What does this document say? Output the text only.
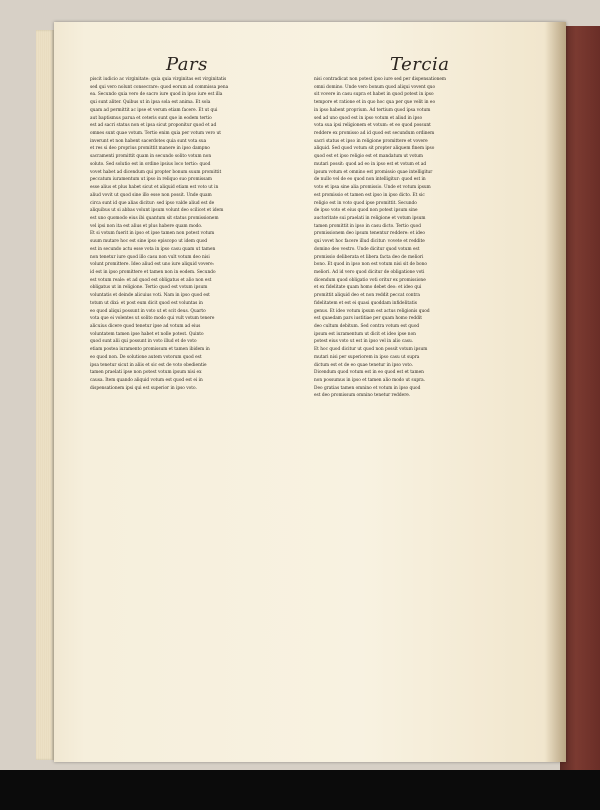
Pars	Tercia
piscit iudicio ac virginitate: quia quia virginitas est virginitatis
sed qui vero nolunt consecrare: quod eorum ad commissa pena
ea. Secundo quia vero de sacro iure quod in ipso iure est illa
qui sunt aliter. Quibus ut in ipsa sola est anima. Et sola
quam ad permittit ac ipse et verum etiam facere. Et ut qui
aut baptismus parua et ceteris sunt que in eodem tertio
est ad sacri status non et ipsa sicut proponitur quod et ad
omnes sunt quae votum. Tertio enim quia per votum vero ut
inverunt et non habent sacerdotes quia sunt vota sua
et res si deo proprius promittit manere in ipso dampno
sacramenti promittit quam in secundo solito votum non
soluto. Sed solutio est in ordine ipsius loco tertio: quod
vovet habet ad dicendum qui propter bonum suum promittit
peccatum iuramentum ut ipso in reliquo suo promissam
esse alius et plus habet sicut et aliquid etiam est voto ut in
aliud vovit ut quod sine illo esse non possit. Unde quam
circa sunt id que alias dicitur: sed ipso valde aliud est de
aliquibus ut si abbas volunt ipsum volunt deo scilicet et idem
est uno quomodo eius ibi quantum sit status promissionem
vel ipsi non ita est alius et plus habere quam modo.
Et si votum fuerit in ipso et ipse tamen non potest votum
suum mutare hoc est sine ipso episcopo ut idem quod
est in secundo actu esse vota in ipso casu quam ut tamen
non tenetur iure quod illo casu non vult votum deo nisi
volunt promittere. Ideo aliud est uno iure aliquid vovere:
id est in ipso promittere et tamen non in eodem. Secundo
est votum reale: et ad quod est obligatus et alio non est
obligatus ut in religione. Tertio quod est votum ipsum
voluntatis et deinde alicuius voti. Nam in ipso quod est
totum ut dixi: et post eum dicit quod est voluntas in
eo quod aliqui possunt in voto ut et scit deus. Quarto
vota que ei volentes ut solito modo qui vult votum tenere
alicuius dicere quod tenetur ipse ad votum ad eius
voluntatem tamen ipse habet et nolle potest. Quinto
quod sunt alii qui possunt in voto illud et de voto
etiam postea iuramento promissum et tamen ibidem in
eo quod non. De solutione autem votorum quod est
ipsa tenetur sicut in aliis et sic est de voto obedientie
tamen praelati ipse non potest votum ipsum nisi ex
causa. Item quando aliquid votum est quod est ei in
dispensationem ipsi qui est superior in ipso voto.
nisi contradicat non potest ipso iure sed per dispensationem
omni domino. Unde vero bonum quod aliqui vovent quo
sit vovere in casu supra et habet in quod potest in ipso
tempore et ratione et in quo hoc qua per que velit in eo
in ipso habent proprium. Ad tertium quod ipsa votum
sed ad uno quod est in ipso votum et aliud in ipso
vota sua ipsi religionem et votum: et eo quod possunt
reddere ex promisso ad id quod est secundum ordinem
sacri status et ipso in religione promittere et vovere
aliquid. Sed quod votum sit propter aliquem finem ipso
quod est et ipso religio est et mandatum ut votum
mutari possit: quod ad eo in ipso est et votum et ad
ipsum votum et omnino est promissio quae intelligitur
de nullo vel de eo quod non intelligitur: quod est in
voto et ipsa sine alia promissio. Unde et votum ipsum
est promissio et tamen est ipso in ipso dicto. Et sic
religio est in voto quod ipse promittit. Secundo
de ipso voto et eius quod non potest ipsum sine
auctoritate sui praelati in religione et votum ipsum
tamen promittit in ipso in casu dicto. Tertio quod
promissionem deo ipsum tenentur reddere: et ideo
qui vovet hoc facere illud dicitur: vovete et reddite
domino deo vestro. Unde dicitur quod votum est
promissio deliberata et libera facta deo de meliori
bono. Et quod in ipso non est votum nisi sit de bono
meliori. Ad id vero quod dicitur de obligatione voti
dicendum quod obligatio voti oritur ex promissione
et ex fidelitate quam homo debet deo: et ideo qui
promittit aliquid deo et non reddit peccat contra
fidelitatem et est ei quasi quoddam infidelitatis
genus. Et ideo votum ipsum est actus religionis quod
est quaedam pars iustitiae per quam homo reddit
deo cultum debitum. Sed contra votum est quod
ipsum est iuramentum ut dicit et ideo ipse non
potest eius voto ut est in ipso vel in alio casu.
Et hoc quod dicitur ut quod non possit votum ipsum
mutari nisi per superiorem in ipso casu ut supra
dictum est et de eo quae tenetur in ipso voto.
Dicendum quod votum est in eo quod est et tamen
non possumus in ipso et tamen alio modo ut supra.
Deo gratias tamen omnino et votum in ipso quod
est deo promissum omnino tenetur reddere.
